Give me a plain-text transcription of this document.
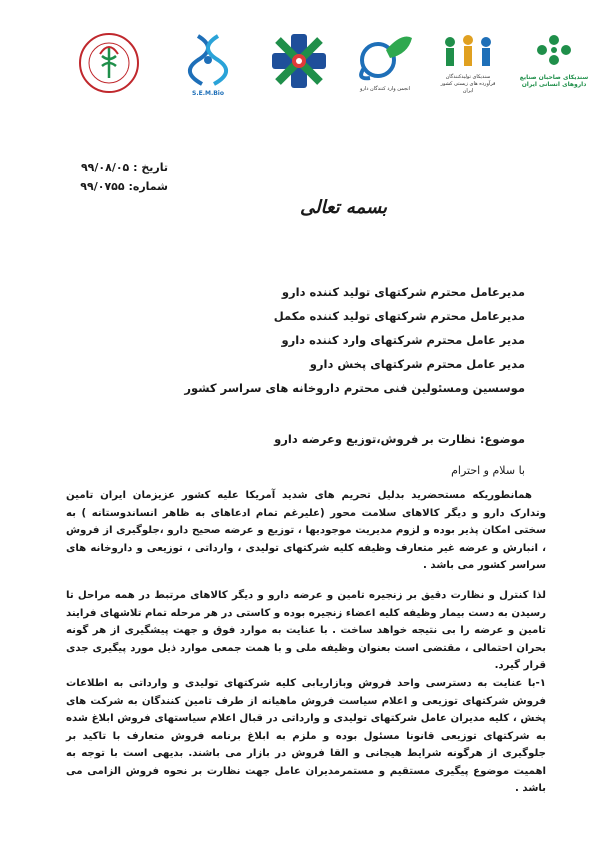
S.E.M.Bio
انجمن وارد کنندگان دارو
سندیکای تولیدکنندگان فرآورده های زیستی کشور ایران
سندیکای صاحبان صنایع داروهای انسانی ایران
تاریخ : ۹۹/۰۸/۰۵
شماره: ۹۹/۰۷۵۵
بسمه تعالی
مدیرعامل محترم شرکتهای تولید کننده دارو
مدیرعامل محترم شرکتهای تولید کننده مکمل
مدیر عامل محترم شرکتهای وارد کننده دارو
مدیر عامل محترم شرکتهای پخش دارو
موسسین ومسئولین فنی محترم داروخانه های سراسر کشور
موضوع: نظارت بر فروش،توزیع وعرضه دارو
با سلام و احترام
همانطوریکه مستحضرید بدلیل تحریم های شدید آمریکا علیه کشور عزیزمان ایران تامین وتدارک دارو و دیگر کالاهای سلامت محور (علیرغم تمام ادعاهای به ظاهر انساندوستانه ) به سختی امکان پذیر بوده و لزوم مدیریت موجودیها ، توزیع و عرضه صحیح دارو ،جلوگیری از فروش ، انبارش و عرضه غیر متعارف وظیفه کلیه شرکتهای تولیدی ، وارداتی ، توزیعی و داروخانه های سراسر کشور می باشد .
لذا کنترل و نظارت دقیق بر زنجیره تامین و عرضه دارو و دیگر کالاهای مرتبط در همه مراحل تا رسیدن به دست بیمار وظیفه کلیه اعضاء زنجیره بوده و کاستی در هر مرحله تمام تلاشهای فرایند تامین و عرضه را بی نتیجه خواهد ساخت . با عنایت به موارد فوق و جهت پیشگیری از هر گونه بحران احتمالی ، مقتضی است بعنوان وظیفه ملی و با همت جمعی موارد ذیل مورد پیگیری جدی قرار گیرد.
۱-با عنایت به دسترسی واحد فروش وبازاریابی کلیه شرکتهای تولیدی و وارداتی به اطلاعات فروش شرکتهای توزیعی و اعلام سیاست فروش ماهیانه از طرف تامین کنندگان به شرکت های پخش ، کلیه مدیران عامل شرکتهای تولیدی و وارداتی در قبال اعلام سیاستهای فروش ابلاغ شده به شرکتهای توزیعی قانونا مسئول بوده و ملزم به ابلاغ برنامه فروش متعارف با تاکید بر جلوگیری از هرگونه شرایط هیجانی و القا فروش در بازار می باشند. بدیهی است با توجه به اهمیت موضوع پیگیری مستقیم و مستمرمدیران عامل جهت نظارت بر نحوه فروش الزامی می باشد .
